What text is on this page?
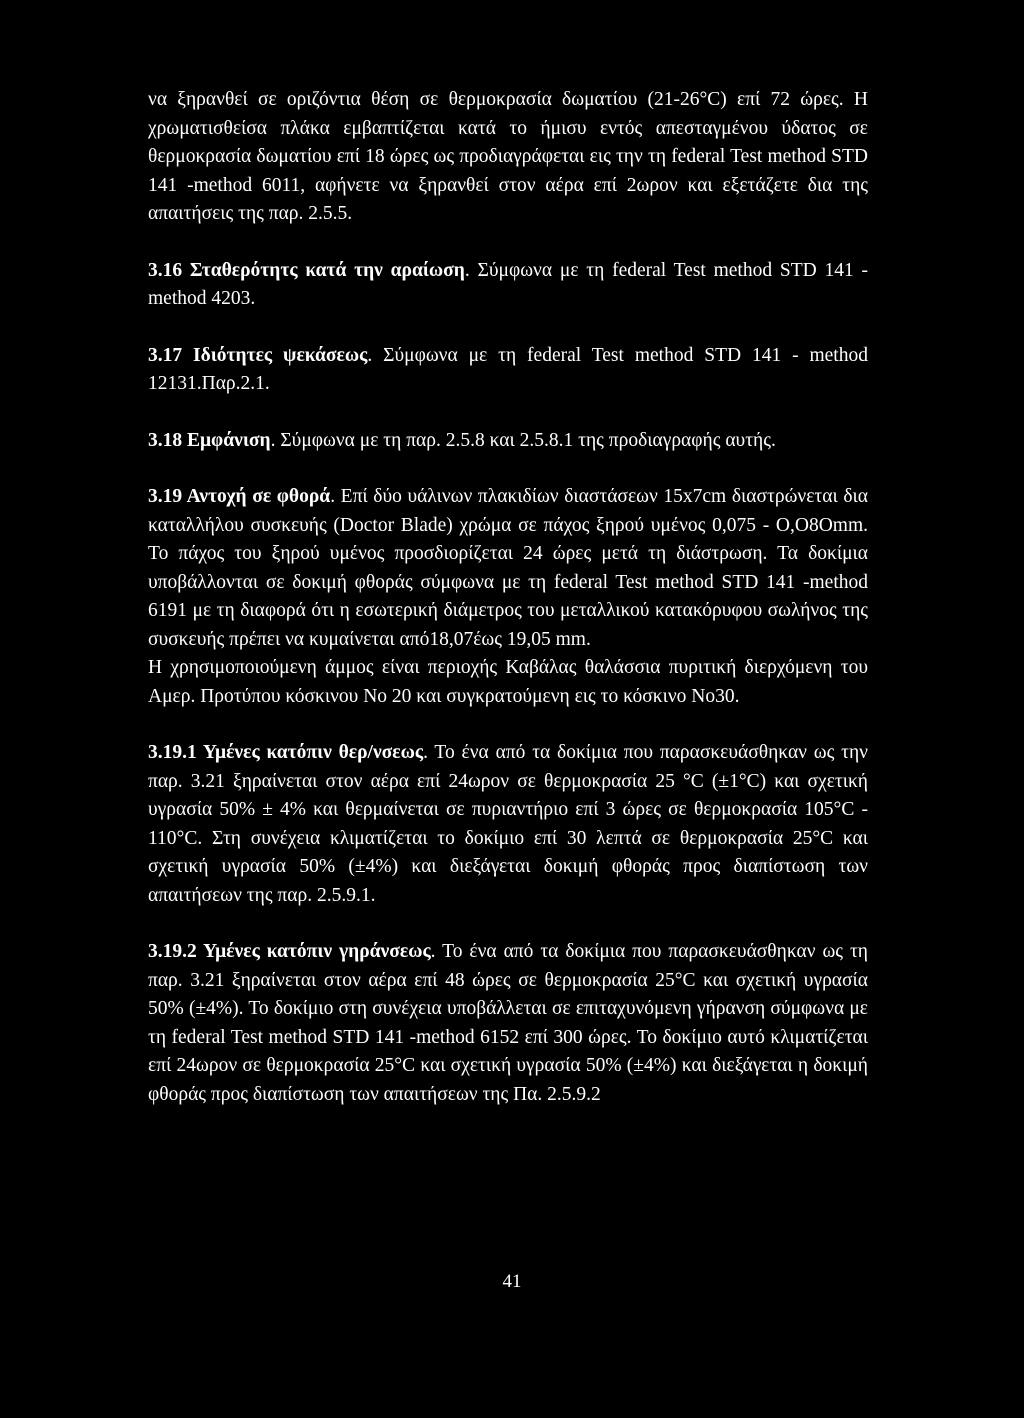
να ξηρανθεί σε οριζόντια θέση σε θερμοκρασία δωματίου (21-26°C) επί 72 ώρες. Η χρωματισθείσα πλάκα εμβαπτίζεται κατά το ήμισυ εντός απεσταγμένου ύδατος σε θερμοκρασία δωματίου επί 18 ώρες ως προδιαγράφεται εις την τη federal Test method STD 141 -method 6011, αφήνετε να ξηρανθεί στον αέρα επί 2ωρον και εξετάζετε δια της απαιτήσεις της παρ. 2.5.5.

3.16 Σταθερότητς κατά την αραίωση. Σύμφωνα με τη federal Test method STD 141 -method 4203.

3.17 Ιδιότητες ψεκάσεως. Σύμφωνα με τη federal Test method STD 141 - method 12131.Παρ.2.1.

3.18 Εμφάνιση. Σύμφωνα με τη παρ. 2.5.8 και 2.5.8.1 της προδιαγραφής αυτής.

3.19 Αντοχή σε φθορά. Επί δύο υάλινων πλακιδίων διαστάσεων 15x7cm διαστρώνεται δια καταλλήλου συσκευής (Doctor Blade) χρώμα σε πάχος ξηρού υμένος 0,075 - Ο,Ο8Οmm. Το πάχος του ξηρού υμένος προσδιορίζεται 24 ώρες μετά τη διάστρωση. Τα δοκίμια υποβάλλονται σε δοκιμή φθοράς σύμφωνα με τη federal Test method STD 141 -method 6191 με τη διαφορά ότι η εσωτερική διάμετρος του μεταλλικού κατακόρυφου σωλήνος της συσκευής πρέπει να κυμαίνεται από18,07έως 19,05 mm.

Η χρησιμοποιούμενη άμμος είναι περιοχής Καβάλας θαλάσσια πυριτική διερχόμενη του Αμερ. Προτύπου κόσκινου Νο 20 και συγκρατούμενη εις το κόσκινο Νο30.

3.19.1 Υμένες κατόπιν θερ/νσεως. Το ένα από τα δοκίμια που παρασκευάσθηκαν ως την παρ. 3.21 ξηραίνεται στον αέρα επί 24ωρον σε θερμοκρασία 25 °C (±1°C) και σχετική υγρασία 50% ± 4% και θερμαίνεται σε πυριαντήριο επί 3 ώρες σε θερμοκρασία 105°C - 110°C. Στη συνέχεια κλιματίζεται το δοκίμιο επί 30 λεπτά σε θερμοκρασία 25°C και σχετική υγρασία 50% (±4%) και διεξάγεται δοκιμή φθοράς προς διαπίστωση των απαιτήσεων της παρ. 2.5.9.1.

3.19.2 Υμένες κατόπιν γηράνσεως. Το ένα από τα δοκίμια που παρασκευάσθηκαν ως τη παρ. 3.21 ξηραίνεται στον αέρα επί 48 ώρες σε θερμοκρασία 25°C και σχετική υγρασία 50% (±4%). Το δοκίμιο στη συνέχεια υποβάλλεται σε επιταχυνόμενη γήρανση σύμφωνα με τη federal Test method STD 141 -method 6152 επί 300 ώρες. Το δοκίμιο αυτό κλιματίζεται επί 24ωρον σε θερμοκρασία 25°C και σχετική υγρασία 50% (±4%) και διεξάγεται η δοκιμή φθοράς προς διαπίστωση των απαιτήσεων της Πα. 2.5.9.2

41
